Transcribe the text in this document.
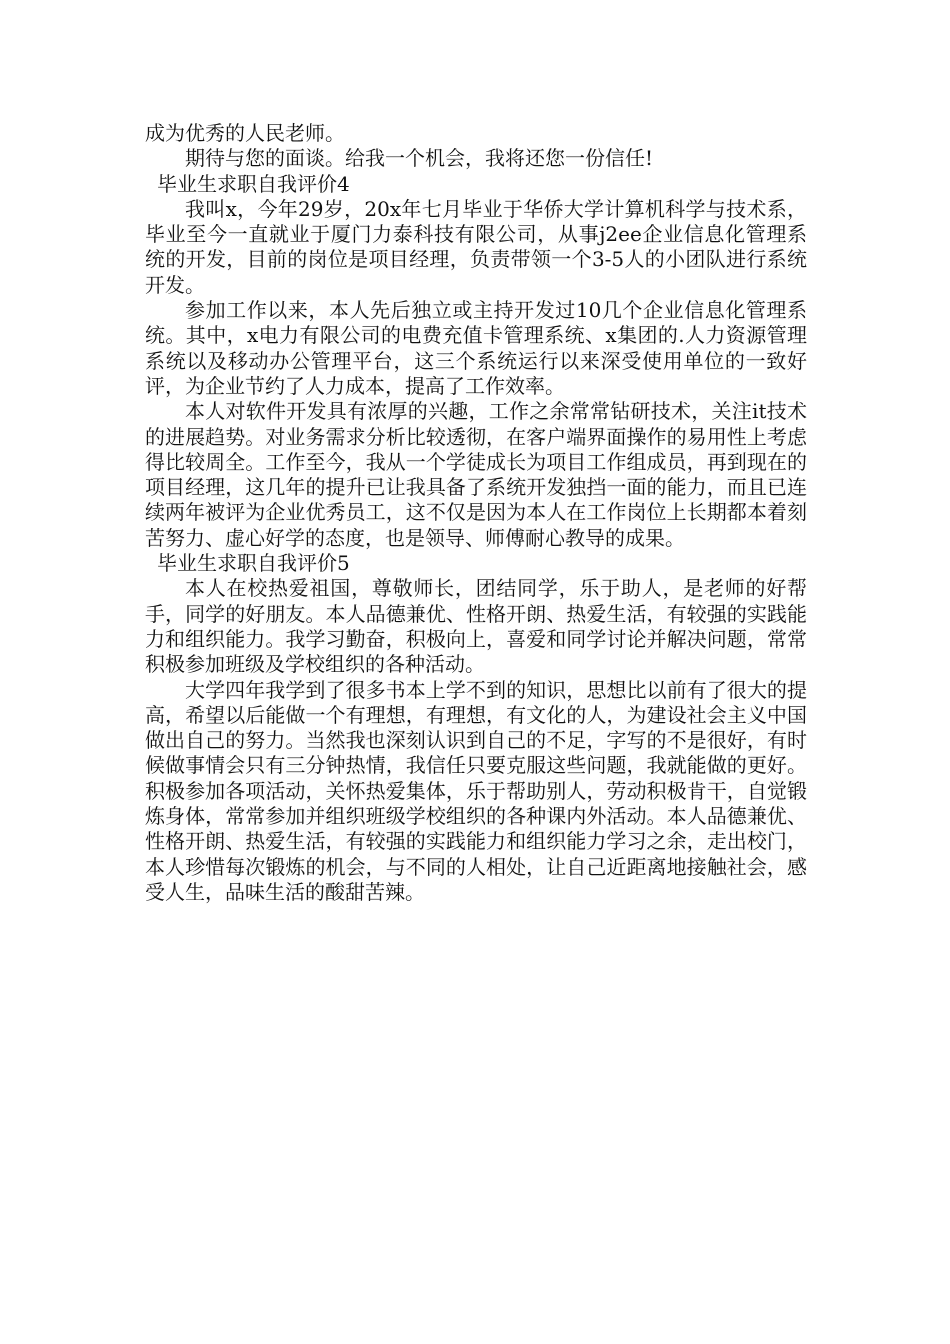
成为优秀的人民老师。

期待与您的面谈。给我一个机会，我将还您一份信任!

毕业生求职自我评价4

我叫x，今年29岁，20x年七月毕业于华侨大学计算机科学与技术系，毕业至今一直就业于厦门力泰科技有限公司，从事j2ee企业信息化管理系统的开发，目前的岗位是项目经理，负责带领一个3-5人的小团队进行系统开发。

参加工作以来，本人先后独立或主持开发过10几个企业信息化管理系统。其中，x电力有限公司的电费充值卡管理系统、x集团的.人力资源管理系统以及移动办公管理平台，这三个系统运行以来深受使用单位的一致好评，为企业节约了人力成本，提高了工作效率。

本人对软件开发具有浓厚的兴趣，工作之余常常钻研技术，关注it技术的进展趋势。对业务需求分析比较透彻，在客户端界面操作的易用性上考虑得比较周全。工作至今，我从一个学徒成长为项目工作组成员，再到现在的项目经理，这几年的提升已让我具备了系统开发独挡一面的能力，而且已连续两年被评为企业优秀员工，这不仅是因为本人在工作岗位上长期都本着刻苦努力、虚心好学的态度，也是领导、师傅耐心教导的成果。

毕业生求职自我评价5

本人在校热爱祖国，尊敬师长，团结同学，乐于助人，是老师的好帮手，同学的好朋友。本人品德兼优、性格开朗、热爱生活，有较强的实践能力和组织能力。我学习勤奋，积极向上，喜爱和同学讨论并解决问题，常常积极参加班级及学校组织的各种活动。

大学四年我学到了很多书本上学不到的知识，思想比以前有了很大的提高，希望以后能做一个有理想，有理想，有文化的人，为建设社会主义中国做出自己的努力。当然我也深刻认识到自己的不足，字写的不是很好，有时候做事情会只有三分钟热情，我信任只要克服这些问题，我就能做的更好。积极参加各项活动，关怀热爱集体，乐于帮助别人，劳动积极肯干，自觉锻炼身体，常常参加并组织班级学校组织的各种课内外活动。本人品德兼优、性格开朗、热爱生活，有较强的实践能力和组织能力学习之余，走出校门，本人珍惜每次锻炼的机会，与不同的人相处，让自己近距离地接触社会，感受人生，品味生活的酸甜苦辣。
